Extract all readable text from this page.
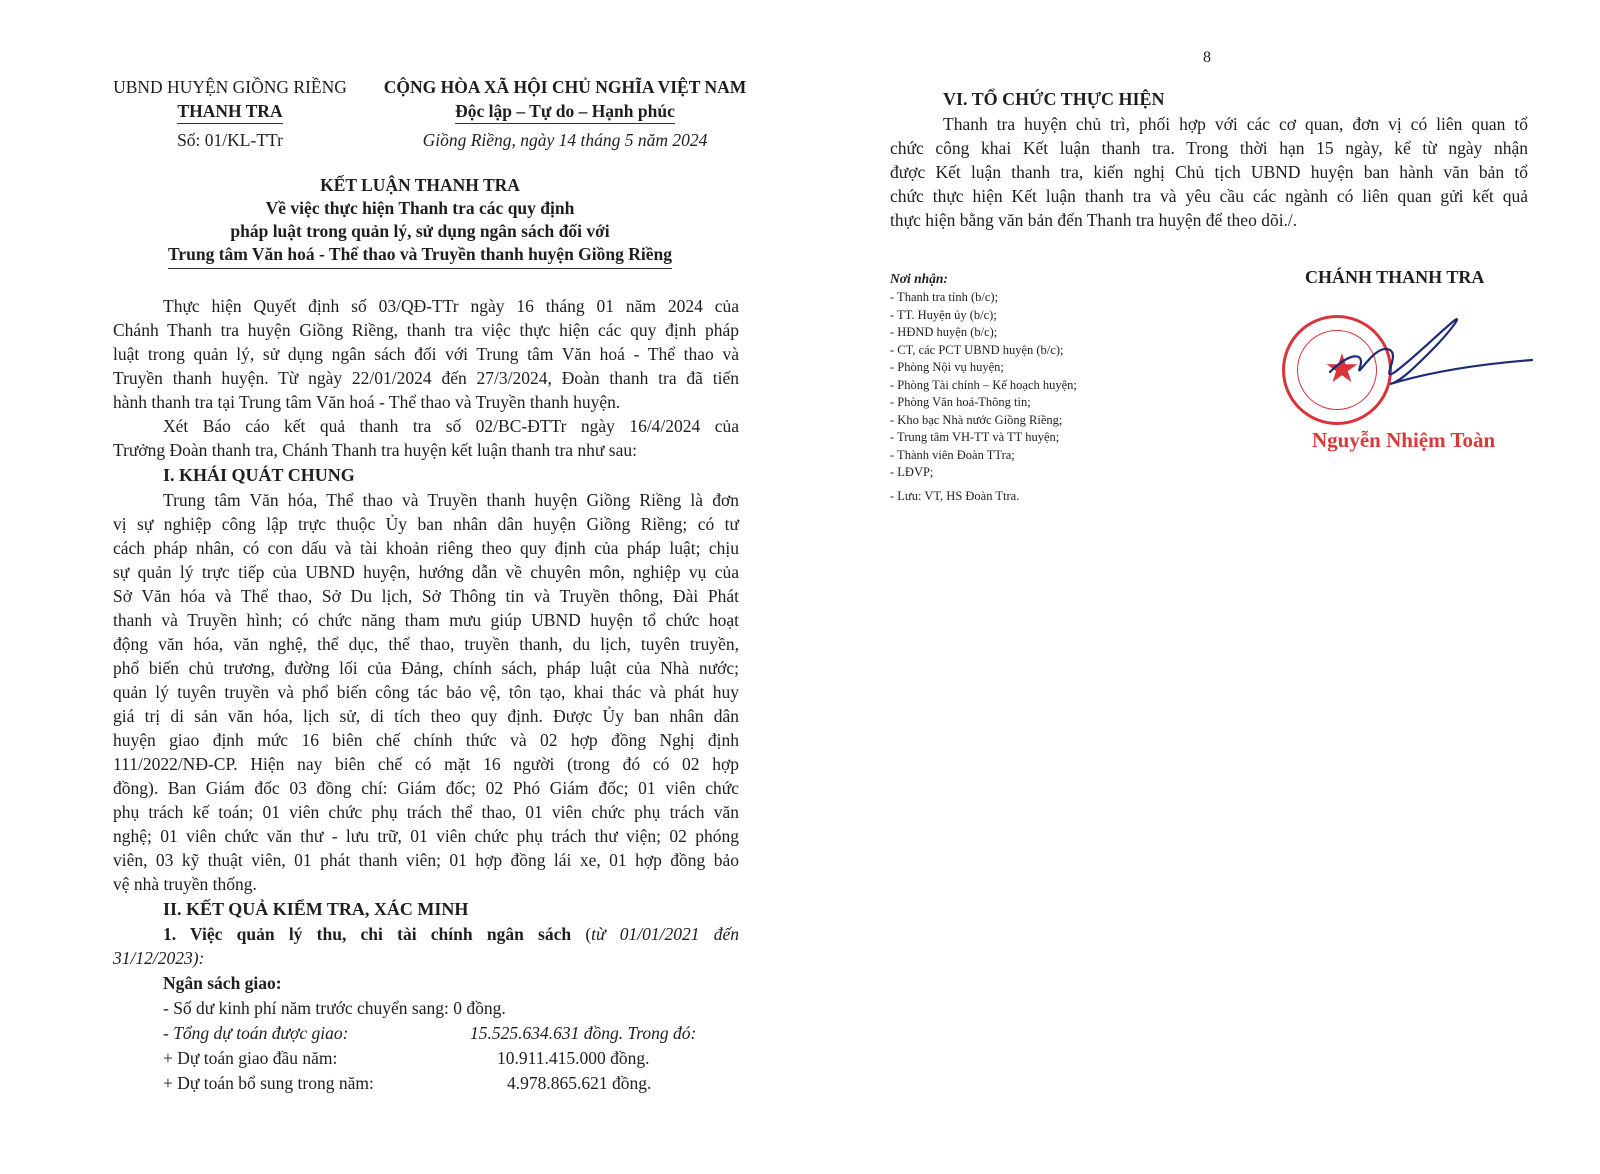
UBND HUYỆN GIỒNG RIỀNG
THANH TRA
Số: 01/KL-TTr
CỘNG HÒA XÃ HỘI CHỦ NGHĨA VIỆT NAM
Độc lập – Tự do – Hạnh phúc
Giồng Riềng, ngày 14 tháng 5 năm 2024
KẾT LUẬN THANH TRA
Về việc thực hiện Thanh tra các quy định
pháp luật trong quản lý, sử dụng ngân sách đối với
Trung tâm Văn hoá - Thể thao và Truyền thanh huyện Giồng Riềng
Thực hiện Quyết định số 03/QĐ-TTr ngày 16 tháng 01 năm 2024 của
Chánh Thanh tra huyện Giồng Riềng, thanh tra việc thực hiện các quy định pháp
luật trong quản lý, sử dụng ngân sách đối với Trung tâm Văn hoá - Thể thao và
Truyền thanh huyện. Từ ngày 22/01/2024 đến 27/3/2024, Đoàn thanh tra đã tiến
hành thanh tra tại Trung tâm Văn hoá - Thể thao và Truyền thanh huyện.
Xét Báo cáo kết quả thanh tra số 02/BC-ĐTTr ngày 16/4/2024 của
Trưởng Đoàn thanh tra, Chánh Thanh tra huyện kết luận thanh tra như sau:
I. KHÁI QUÁT CHUNG
Trung tâm Văn hóa, Thể thao và Truyền thanh huyện Giồng Riềng là đơn
vị sự nghiệp công lập trực thuộc Ủy ban nhân dân huyện Giồng Riềng; có tư
cách pháp nhân, có con dấu và tài khoản riêng theo quy định của pháp luật; chịu
sự quản lý trực tiếp của UBND huyện, hướng dẫn về chuyên môn, nghiệp vụ của
Sở Văn hóa và Thể thao, Sở Du lịch, Sở Thông tin và Truyền thông, Đài Phát
thanh và Truyền hình; có chức năng tham mưu giúp UBND huyện tổ chức hoạt
động văn hóa, văn nghệ, thể dục, thể thao, truyền thanh, du lịch, tuyên truyền,
phổ biến chủ trương, đường lối của Đảng, chính sách, pháp luật của Nhà nước;
quản lý tuyên truyền và phổ biến công tác bảo vệ, tôn tạo, khai thác và phát huy
giá trị di sản văn hóa, lịch sử, di tích theo quy định. Được Ủy ban nhân dân
huyện giao định mức 16 biên chế chính thức và 02 hợp đồng Nghị định
111/2022/NĐ-CP. Hiện nay biên chế có mặt 16 người (trong đó có 02 hợp
đồng). Ban Giám đốc 03 đồng chí: Giám đốc; 02 Phó Giám đốc; 01 viên chức
phụ trách kế toán; 01 viên chức phụ trách thể thao, 01 viên chức phụ trách văn
nghệ; 01 viên chức văn thư - lưu trữ, 01 viên chức phụ trách thư viện; 02 phóng
viên, 03 kỹ thuật viên, 01 phát thanh viên; 01 hợp đồng lái xe, 01 hợp đồng bảo
vệ nhà truyền thống.
II. KẾT QUẢ KIỂM TRA, XÁC MINH
1. Việc quản lý thu, chi tài chính ngân sách (từ 01/01/2021 đến
31/12/2023):
Ngân sách giao:
- Số dư kinh phí năm trước chuyển sang: 0 đồng.
- Tổng dự toán được giao:	15.525.634.631 đồng. Trong đó:
+ Dự toán giao đầu năm:	10.911.415.000 đồng.
+ Dự toán bổ sung trong năm:	4.978.865.621 đồng.
8
VI. TỔ CHỨC THỰC HIỆN
Thanh tra huyện chủ trì, phối hợp với các cơ quan, đơn vị có liên quan tổ
chức công khai Kết luận thanh tra. Trong thời hạn 15 ngày, kể từ ngày nhận
được Kết luận thanh tra, kiến nghị Chủ tịch UBND huyện ban hành văn bản tổ
chức thực hiện Kết luận thanh tra và yêu cầu các ngành có liên quan gửi kết quả
thực hiện bằng văn bản đến Thanh tra huyện để theo dõi./.
Nơi nhận:
- Thanh tra tỉnh (b/c);
- TT. Huyện ủy (b/c);
- HĐND huyện (b/c);
- CT, các PCT UBND huyện (b/c);
- Phòng Nội vụ huyện;
- Phòng Tài chính – Kế hoạch huyện;
- Phòng Văn hoá-Thông tin;
- Kho bạc Nhà nước Giồng Riềng;
- Trung tâm VH-TT và TT huyện;
- Thành viên Đoàn TTra;
- LĐVP;
- Lưu: VT, HS Đoàn Ttra.
CHÁNH THANH TRA
★
Nguyễn Nhiệm Toàn
